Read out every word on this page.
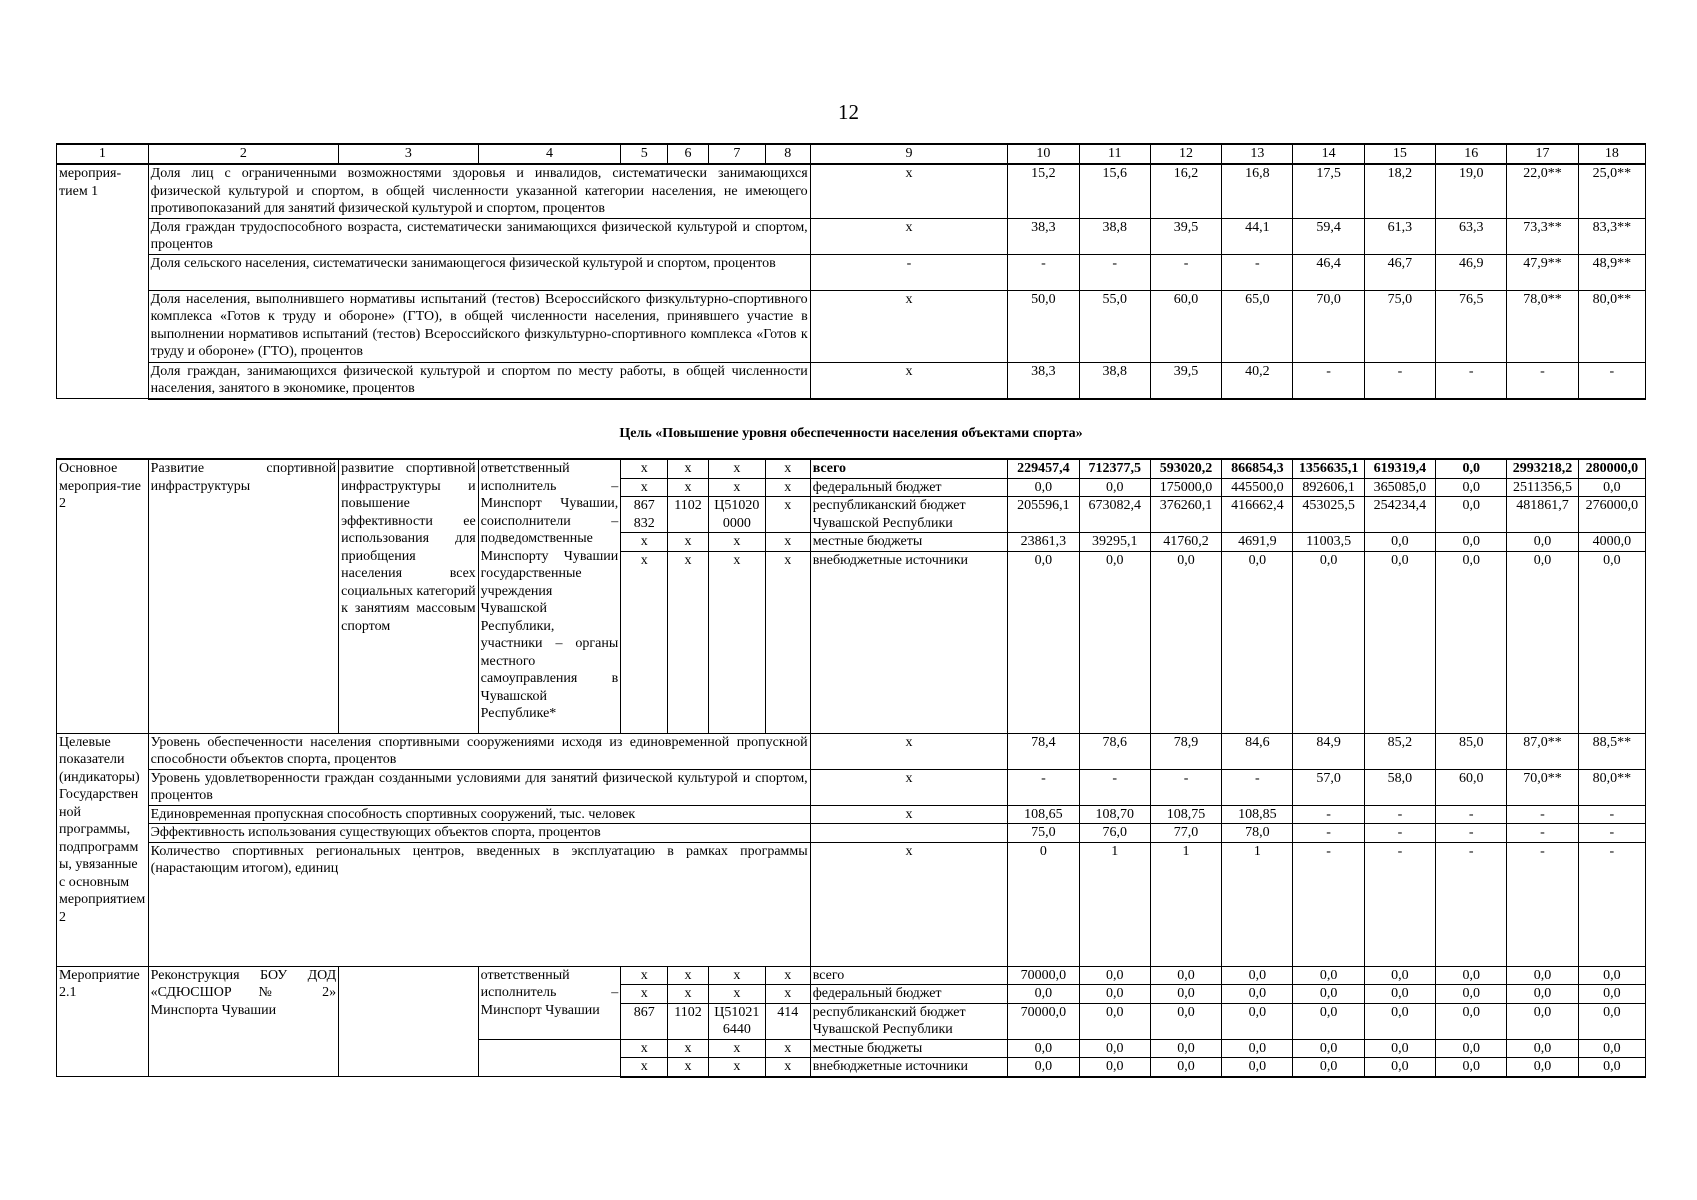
12
1	2	3	4	5	6	7	8	9	10	11	12	13	14	15	16	17	18
мероприя-тием 1	Доля лиц с ограниченными возможностями здоровья и инвалидов, систематически занимающихся физической культурой и спортом, в общей численности указанной категории населения, не имеющего противопоказаний для занятий физической культурой и спортом, процентов							x	15,2	15,6	16,2	16,8	17,5	18,2	19,0	22,0**	25,0**
	Доля граждан трудоспособного возраста, систематически занимающихся физической культурой и спортом, процентов							x	38,3	38,8	39,5	44,1	59,4	61,3	63,3	73,3**	83,3**
	Доля сельского населения, систематически занимающегося физической культурой и спортом, процентов							-	-	-	-	-	46,4	46,7	46,9	47,9**	48,9**
	Доля населения, выполнившего нормативы испытаний (тестов) Всероссийского физкультурно-спортивного комплекса «Готов к труду и обороне» (ГТО), в общей численности населения, принявшего участие в выполнении нормативов испытаний (тестов) Всероссийского физкультурно-спортивного комплекса «Готов к труду и обороне» (ГТО), процентов							x	50,0	55,0	60,0	65,0	70,0	75,0	76,5	78,0**	80,0**
	Доля граждан, занимающихся физической культурой и спортом по месту работы, в общей численности населения, занятого в экономике, процентов							x	38,3	38,8	39,5	40,2	-	-	-	-	-
Цель «Повышение уровня обеспеченности населения объектами спорта»
Основное мероприя-тие 2	Развитие спортивной инфраструктуры	развитие спортивной инфраструктуры и повышение эффективности ее использования для приобщения населения всех социальных категорий к занятиям массовым спортом	ответственный исполнитель – Минспорт Чувашии, соисполнители – подведомственные Минспорту Чувашии государственные учреждения Чувашской Республики, участники – органы местного самоуправления в Чувашской Республике*	x	x	x	x	всего	229457,4	712377,5	593020,2	866854,3	1356635,1	619319,4	0,0	2993218,2	280000,0
				x	x	x	x	федеральный бюджет	0,0	0,0	175000,0	445500,0	892606,1	365085,0	0,0	2511356,5	0,0
				867 832	1102	Ц51020 0000	x	республиканский бюджет Чувашской Республики	205596,1	673082,4	376260,1	416662,4	453025,5	254234,4	0,0	481861,7	276000,0
				x	x	x	x	местные бюджеты	23861,3	39295,1	41760,2	4691,9	11003,5	0,0	0,0	0,0	4000,0
				x	x	x	x	внебюджетные источники	0,0	0,0	0,0	0,0	0,0	0,0	0,0	0,0	0,0
Целевые показатели (индикаторы) Государственной программы, подпрограммы, увязанные с основным мероприятием 2	Уровень обеспеченности населения спортивными сооружениями исходя из единовременной пропускной способности объектов спорта, процентов							x	78,4	78,6	78,9	84,6	84,9	85,2	85,0	87,0**	88,5**
	Уровень удовлетворенности граждан созданными условиями для занятий физической культурой и спортом, процентов							x	-	-	-	-	57,0	58,0	60,0	70,0**	80,0**
	Единовременная пропускная способность спортивных сооружений, тыс. человек							x	108,65	108,70	108,75	108,85	-	-	-	-	-
	Эффективность использования существующих объектов спорта, процентов								75,0	76,0	77,0	78,0	-	-	-	-	-
	Количество спортивных региональных центров, введенных в эксплуатацию в рамках программы (нарастающим итогом), единиц							x	0	1	1	1	-	-	-	-	-
Мероприятие 2.1	Реконструкция БОУ ДОД «СДЮСШОР № 2» Минспорта Чувашии		ответственный исполнитель – Минспорт Чувашии	x	x	x	x	всего	70000,0	0,0	0,0	0,0	0,0	0,0	0,0	0,0	0,0
				x	x	x	x	федеральный бюджет	0,0	0,0	0,0	0,0	0,0	0,0	0,0	0,0	0,0
				867	1102	Ц51021 6440	414	республиканский бюджет Чувашской Республики	70000,0	0,0	0,0	0,0	0,0	0,0	0,0	0,0	0,0
				x	x	x	x	местные бюджеты	0,0	0,0	0,0	0,0	0,0	0,0	0,0	0,0	0,0
				x	x	x	x	внебюджетные источники	0,0	0,0	0,0	0,0	0,0	0,0	0,0	0,0	0,0
